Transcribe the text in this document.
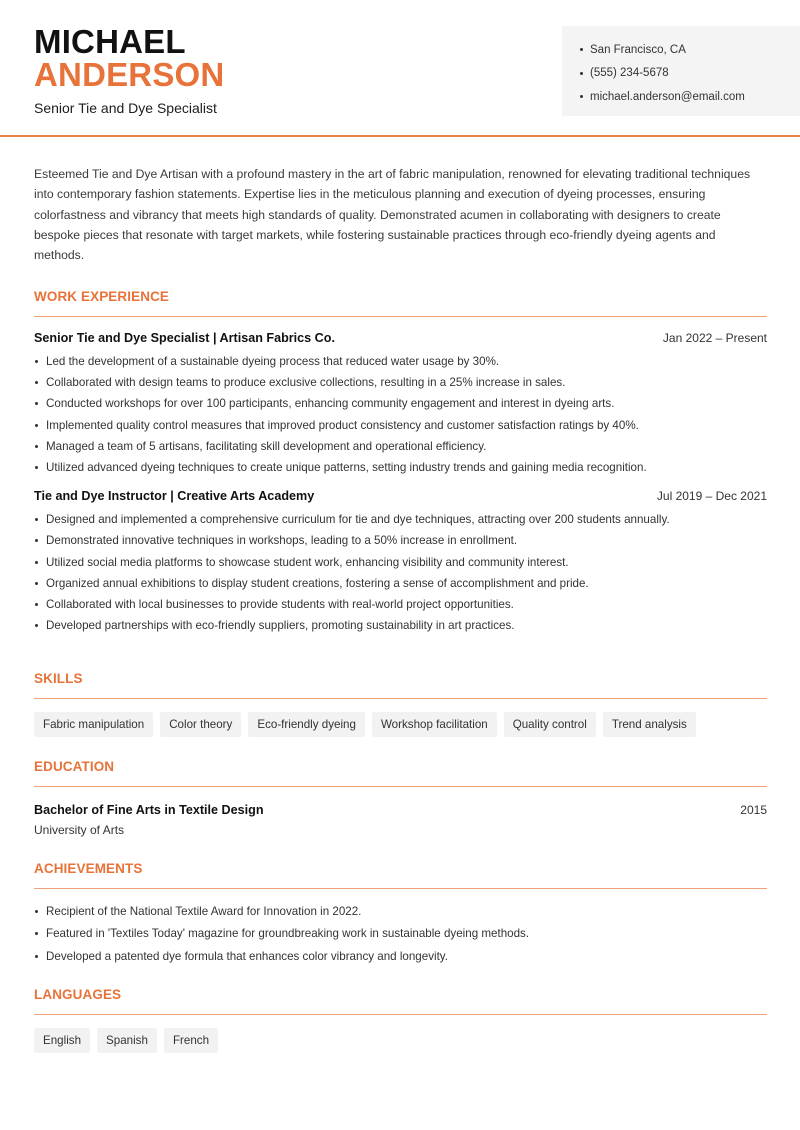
MICHAEL
ANDERSON
Senior Tie and Dye Specialist
San Francisco, CA
(555) 234-5678
michael.anderson@email.com

Esteemed Tie and Dye Artisan with a profound mastery in the art of fabric manipulation, renowned for elevating traditional techniques into contemporary fashion statements. Expertise lies in the meticulous planning and execution of dyeing processes, ensuring colorfastness and vibrancy that meets high standards of quality. Demonstrated acumen in collaborating with designers to create bespoke pieces that resonate with target markets, while fostering sustainable practices through eco-friendly dyeing agents and methods.

WORK EXPERIENCE
Senior Tie and Dye Specialist | Artisan Fabrics Co.	Jan 2022 – Present
Led the development of a sustainable dyeing process that reduced water usage by 30%.
Collaborated with design teams to produce exclusive collections, resulting in a 25% increase in sales.
Conducted workshops for over 100 participants, enhancing community engagement and interest in dyeing arts.
Implemented quality control measures that improved product consistency and customer satisfaction ratings by 40%.
Managed a team of 5 artisans, facilitating skill development and operational efficiency.
Utilized advanced dyeing techniques to create unique patterns, setting industry trends and gaining media recognition.
Tie and Dye Instructor | Creative Arts Academy	Jul 2019 – Dec 2021
Designed and implemented a comprehensive curriculum for tie and dye techniques, attracting over 200 students annually.
Demonstrated innovative techniques in workshops, leading to a 50% increase in enrollment.
Utilized social media platforms to showcase student work, enhancing visibility and community interest.
Organized annual exhibitions to display student creations, fostering a sense of accomplishment and pride.
Collaborated with local businesses to provide students with real-world project opportunities.
Developed partnerships with eco-friendly suppliers, promoting sustainability in art practices.
SKILLS
Fabric manipulation	Color theory	Eco-friendly dyeing	Workshop facilitation	Quality control	Trend analysis
EDUCATION
Bachelor of Fine Arts in Textile Design	2015
University of Arts
ACHIEVEMENTS
Recipient of the National Textile Award for Innovation in 2022.
Featured in 'Textiles Today' magazine for groundbreaking work in sustainable dyeing methods.
Developed a patented dye formula that enhances color vibrancy and longevity.
LANGUAGES
English	Spanish	French
